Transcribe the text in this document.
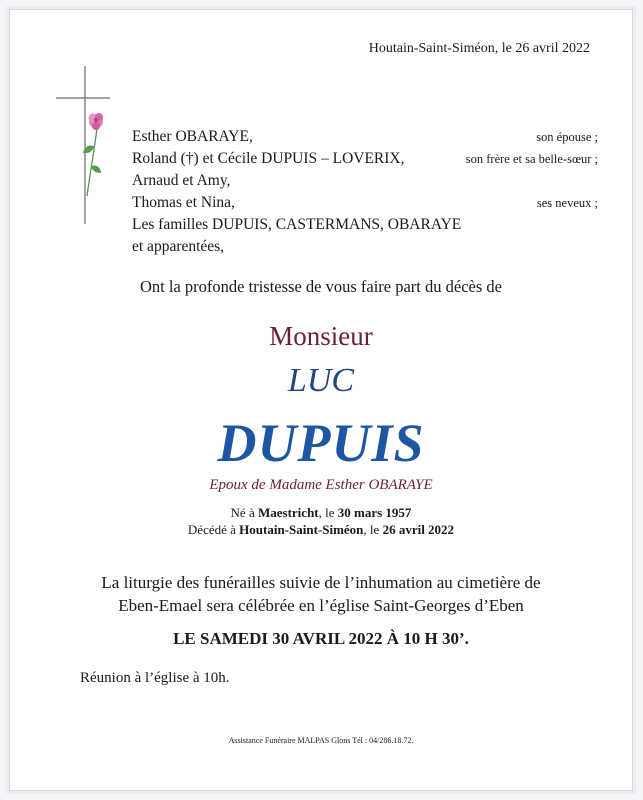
Houtain-Saint-Siméon, le 26 avril 2022
Esther OBARAYE,	son épouse ;
Roland (†) et Cécile DUPUIS – LOVERIX,	son frère et sa belle-sœur ;
Arnaud et Amy,
Thomas et Nina,	ses neveux ;
Les familles DUPUIS, CASTERMANS, OBARAYE
et apparentées,
Ont la profonde tristesse de vous faire part du décès de
Monsieur
LUC
DUPUIS
Epoux de Madame Esther OBARAYE
Né à Maestricht, le 30 mars 1957
Décédé à Houtain-Saint-Siméon, le 26 avril 2022
La liturgie des funérailles suivie de l’inhumation au cimetière de
Eben-Emael sera célébrée en l’église Saint-Georges d’Eben
LE SAMEDI 30 AVRIL 2022 À 10 H 30’.
Réunion à l’église à 10h.
Assistance Funéraire MALPAS Glons Tél : 04/286.18.72.
